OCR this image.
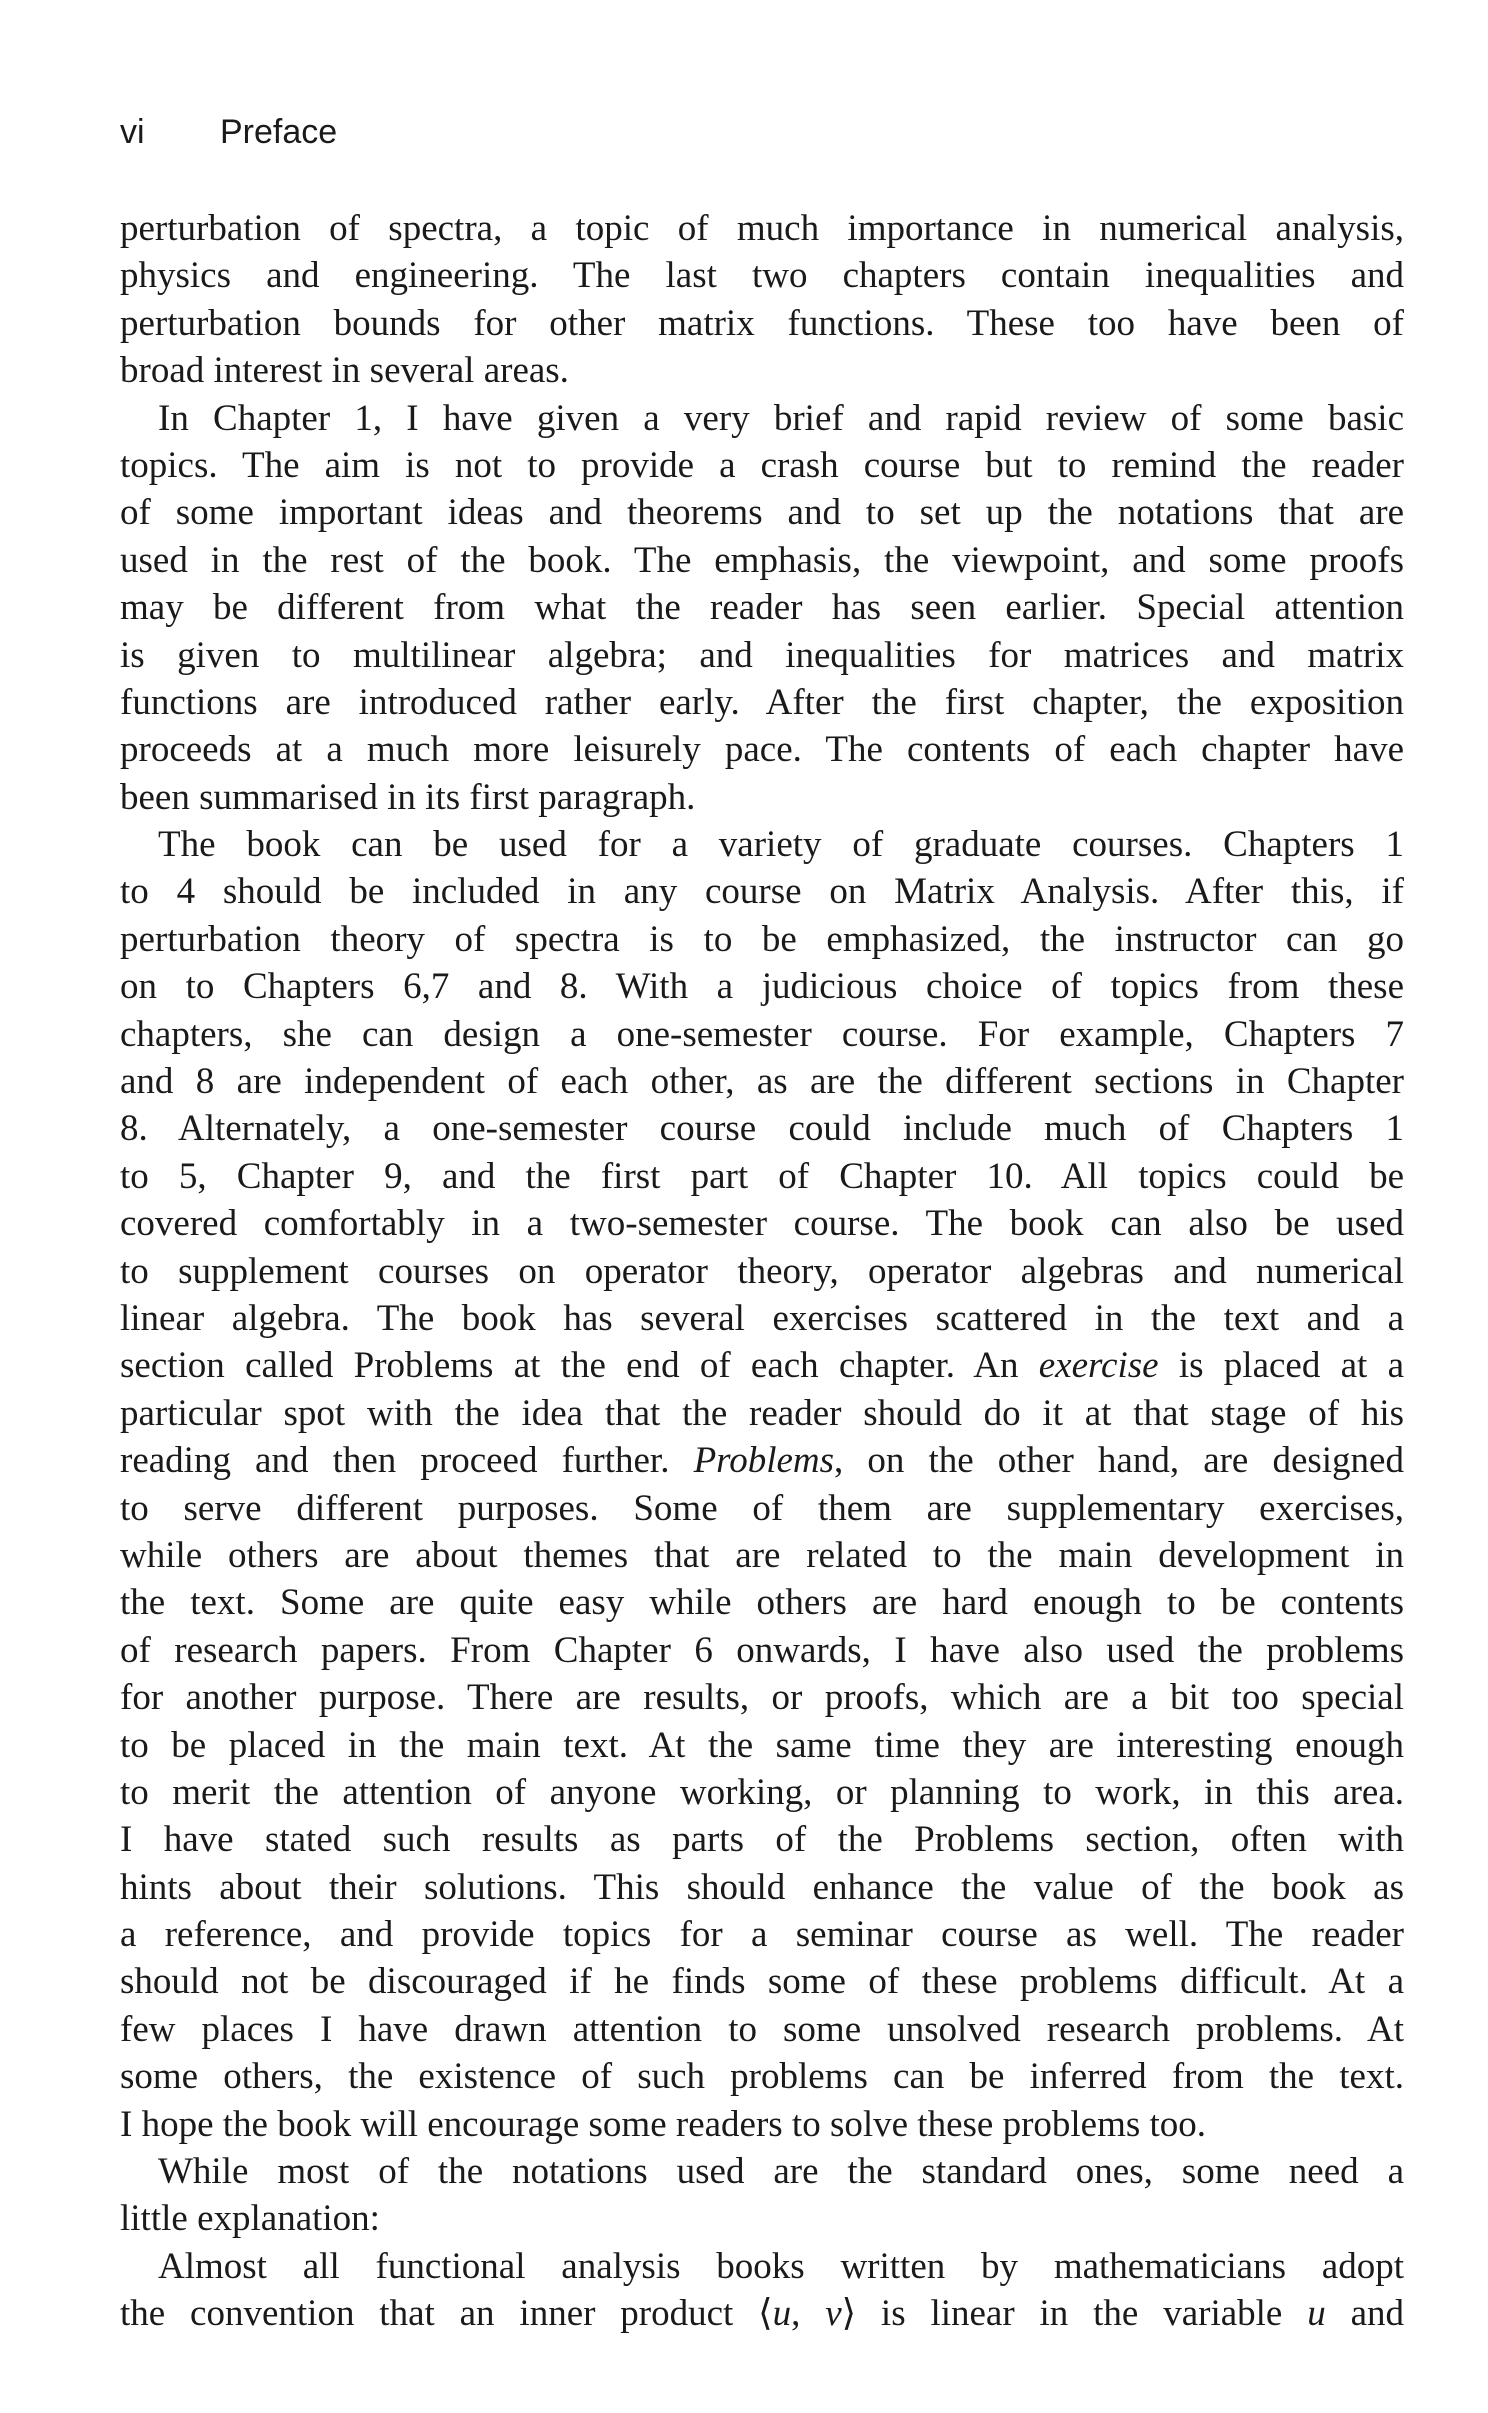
vi Preface
perturbation of spectra, a topic of much importance in numerical analysis,
physics and engineering. The last two chapters contain inequalities and
perturbation bounds for other matrix functions. These too have been of
broad interest in several areas.
In Chapter 1, I have given a very brief and rapid review of some basic
topics. The aim is not to provide a crash course but to remind the reader
of some important ideas and theorems and to set up the notations that are
used in the rest of the book. The emphasis, the viewpoint, and some proofs
may be different from what the reader has seen earlier. Special attention
is given to multilinear algebra; and inequalities for matrices and matrix
functions are introduced rather early. After the first chapter, the exposition
proceeds at a much more leisurely pace. The contents of each chapter have
been summarised in its first paragraph.
The book can be used for a variety of graduate courses. Chapters 1
to 4 should be included in any course on Matrix Analysis. After this, if
perturbation theory of spectra is to be emphasized, the instructor can go
on to Chapters 6,7 and 8. With a judicious choice of topics from these
chapters, she can design a one-semester course. For example, Chapters 7
and 8 are independent of each other, as are the different sections in Chapter
8. Alternately, a one-semester course could include much of Chapters 1
to 5, Chapter 9, and the first part of Chapter 10. All topics could be
covered comfortably in a two-semester course. The book can also be used
to supplement courses on operator theory, operator algebras and numerical
linear algebra. The book has several exercises scattered in the text and a
section called Problems at the end of each chapter. An exercise is placed at a
particular spot with the idea that the reader should do it at that stage of his
reading and then proceed further. Problems, on the other hand, are designed
to serve different purposes. Some of them are supplementary exercises,
while others are about themes that are related to the main development in
the text. Some are quite easy while others are hard enough to be contents
of research papers. From Chapter 6 onwards, I have also used the problems
for another purpose. There are results, or proofs, which are a bit too special
to be placed in the main text. At the same time they are interesting enough
to merit the attention of anyone working, or planning to work, in this area.
I have stated such results as parts of the Problems section, often with
hints about their solutions. This should enhance the value of the book as
a reference, and provide topics for a seminar course as well. The reader
should not be discouraged if he finds some of these problems difficult. At a
few places I have drawn attention to some unsolved research problems. At
some others, the existence of such problems can be inferred from the text.
I hope the book will encourage some readers to solve these problems too.
While most of the notations used are the standard ones, some need a
little explanation:
Almost all functional analysis books written by mathematicians adopt
the convention that an inner product ⟨u, v⟩ is linear in the variable u and
